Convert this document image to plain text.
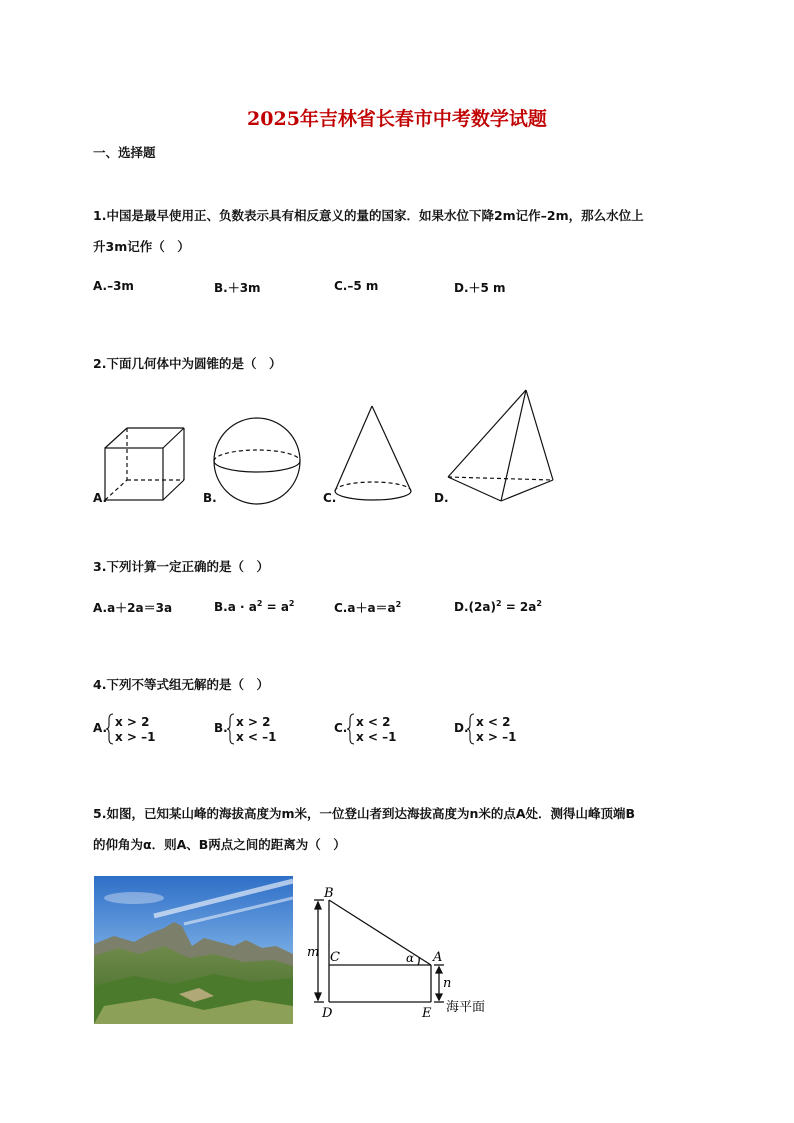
2025年吉林省长春市中考数学试题
一、选择题
1.中国是最早使用正、负数表示具有相反意义的量的国家．如果水位下降2m记作–2m，那么水位上
升3m记作（　）
A.–3m	B.＋3m	C.–5 m	D.＋5 m
2.下面几何体中为圆锥的是（　）
A.	B.	C.	D.
3.下列计算一定正确的是（　）
A.a＋2a＝3a	$B.a \cdot a^2 = a^2$	$C.a+a=a^2$	$D.(2a)^2 = 2a^2$
4.下列不等式组无解的是（　）
A. x > 2
x > –1
B. x > 2
x < –1
C. x < 2
x < –1
D. x < 2
x > –1
5.如图，已知某山峰的海拔高度为m米，一位登山者到达海拔高度为n米的点A处．测得山峰顶端B
的仰角为α．则A、B两点之间的距离为（　）
B
C	A
D	E
m
n
α
海平面
